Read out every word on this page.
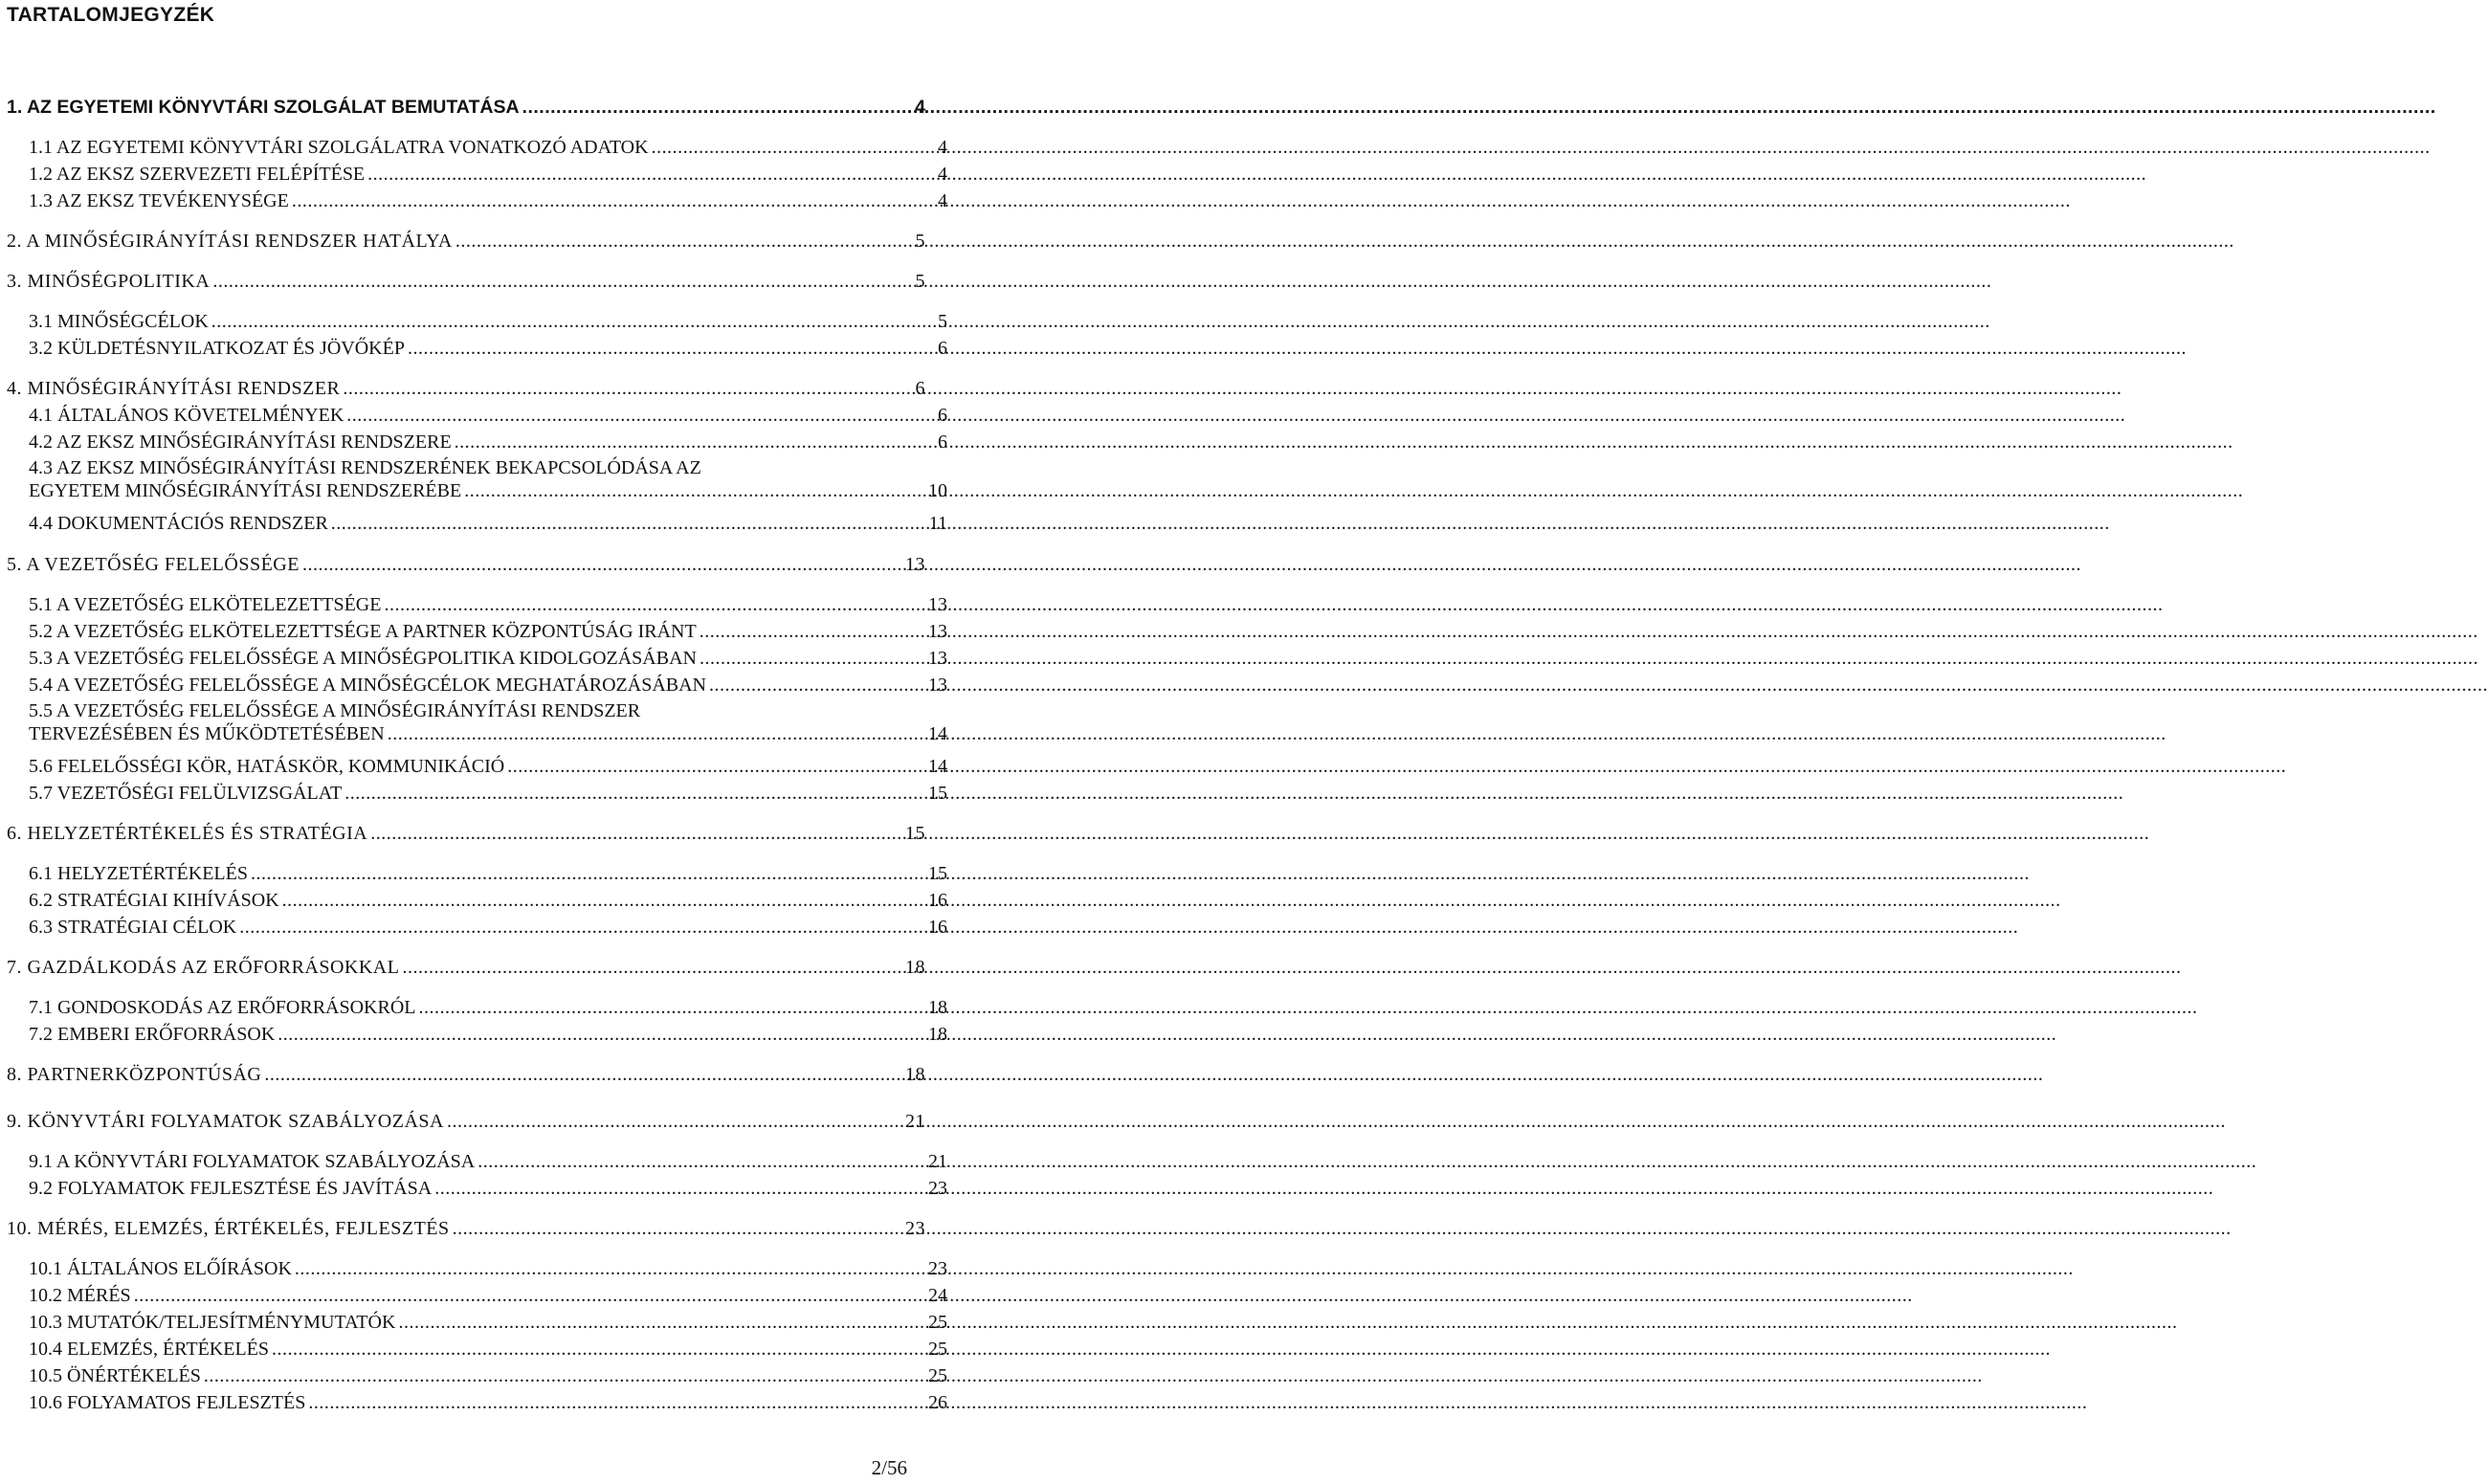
TARTALOMJEGYZÉK
1. AZ EGYETEMI KÖNYVTÁRI SZOLGÁLAT BEMUTATÁSA .....	4
1.1 AZ EGYETEMI KÖNYVTÁRI SZOLGÁLATRA VONATKOZÓ ADATOK .....	4
1.2 AZ EKSZ SZERVEZETI FELÉPÍTÉSE .....	4
1.3 AZ EKSZ TEVÉKENYSÉGE .....	4
2. A MINŐSÉGIRÁNYÍTÁSI RENDSZER HATÁLYA .....	5
3. MINŐSÉGPOLITIKA .....	5
3.1 MINŐSÉGCÉLOK .....	5
3.2 KÜLDETÉSNYILATKOZAT ÉS JÖVŐKÉP .....	6
4. MINŐSÉGIRÁNYÍTÁSI RENDSZER .....	6
4.1 ÁLTALÁNOS KÖVETELMÉNYEK .....	6
4.2 AZ EKSZ MINŐSÉGIRÁNYÍTÁSI RENDSZERE .....	6
4.3 AZ EKSZ MINŐSÉGIRÁNYÍTÁSI RENDSZERÉNEK BEKAPCSOLÓDÁSA AZ
EGYETEM MINŐSÉGIRÁNYÍTÁSI RENDSZERÉBE .....	10
4.4 DOKUMENTÁCIÓS RENDSZER .....	11
5. A VEZETŐSÉG FELELŐSSÉGE .....	13
5.1 A VEZETŐSÉG ELKÖTELEZETTSÉGE .....	13
5.2 A VEZETŐSÉG ELKÖTELEZETTSÉGE A PARTNER KÖZPONTÚSÁG IRÁNT .....	13
5.3 A VEZETŐSÉG FELELŐSSÉGE A MINŐSÉGPOLITIKA KIDOLGOZÁSÁBAN .....	13
5.4 A VEZETŐSÉG FELELŐSSÉGE A MINŐSÉGCÉLOK MEGHATÁROZÁSÁBAN .....	13
5.5 A VEZETŐSÉG FELELŐSSÉGE A MINŐSÉGIRÁNYÍTÁSI RENDSZER
TERVEZÉSÉBEN ÉS MŰKÖDTETÉSÉBEN .....	14
5.6 FELELŐSSÉGI KÖR, HATÁSKÖR, KOMMUNIKÁCIÓ .....	14
5.7 VEZETŐSÉGI FELÜLVIZSGÁLAT .....	15
6. HELYZETÉRTÉKELÉS ÉS STRATÉGIA .....	15
6.1 HELYZETÉRTÉKELÉS .....	15
6.2 STRATÉGIAI KIHÍVÁSOK .....	16
6.3 STRATÉGIAI CÉLOK .....	16
7. GAZDÁLKODÁS AZ ERŐFORRÁSOKKAL .....	18
7.1 GONDOSKODÁS AZ ERŐFORRÁSOKRÓL .....	18
7.2 EMBERI ERŐFORRÁSOK .....	18
8. PARTNERKÖZPONTÚSÁG .....	18
9. KÖNYVTÁRI FOLYAMATOK SZABÁLYOZÁSA .....	21
9.1 A KÖNYVTÁRI FOLYAMATOK SZABÁLYOZÁSA .....	21
9.2 FOLYAMATOK FEJLESZTÉSE ÉS JAVÍTÁSA .....	23
10. MÉRÉS, ELEMZÉS, ÉRTÉKELÉS, FEJLESZTÉS .....	23
10.1 ÁLTALÁNOS ELŐÍRÁSOK .....	23
10.2 MÉRÉS .....	24
10.3 MUTATÓK/TELJESÍTMÉNYMUTATÓK .....	25
10.4 ELEMZÉS, ÉRTÉKELÉS .....	25
10.5 ÖNÉRTÉKELÉS .....	25
10.6 FOLYAMATOS FEJLESZTÉS .....	26
2/56
